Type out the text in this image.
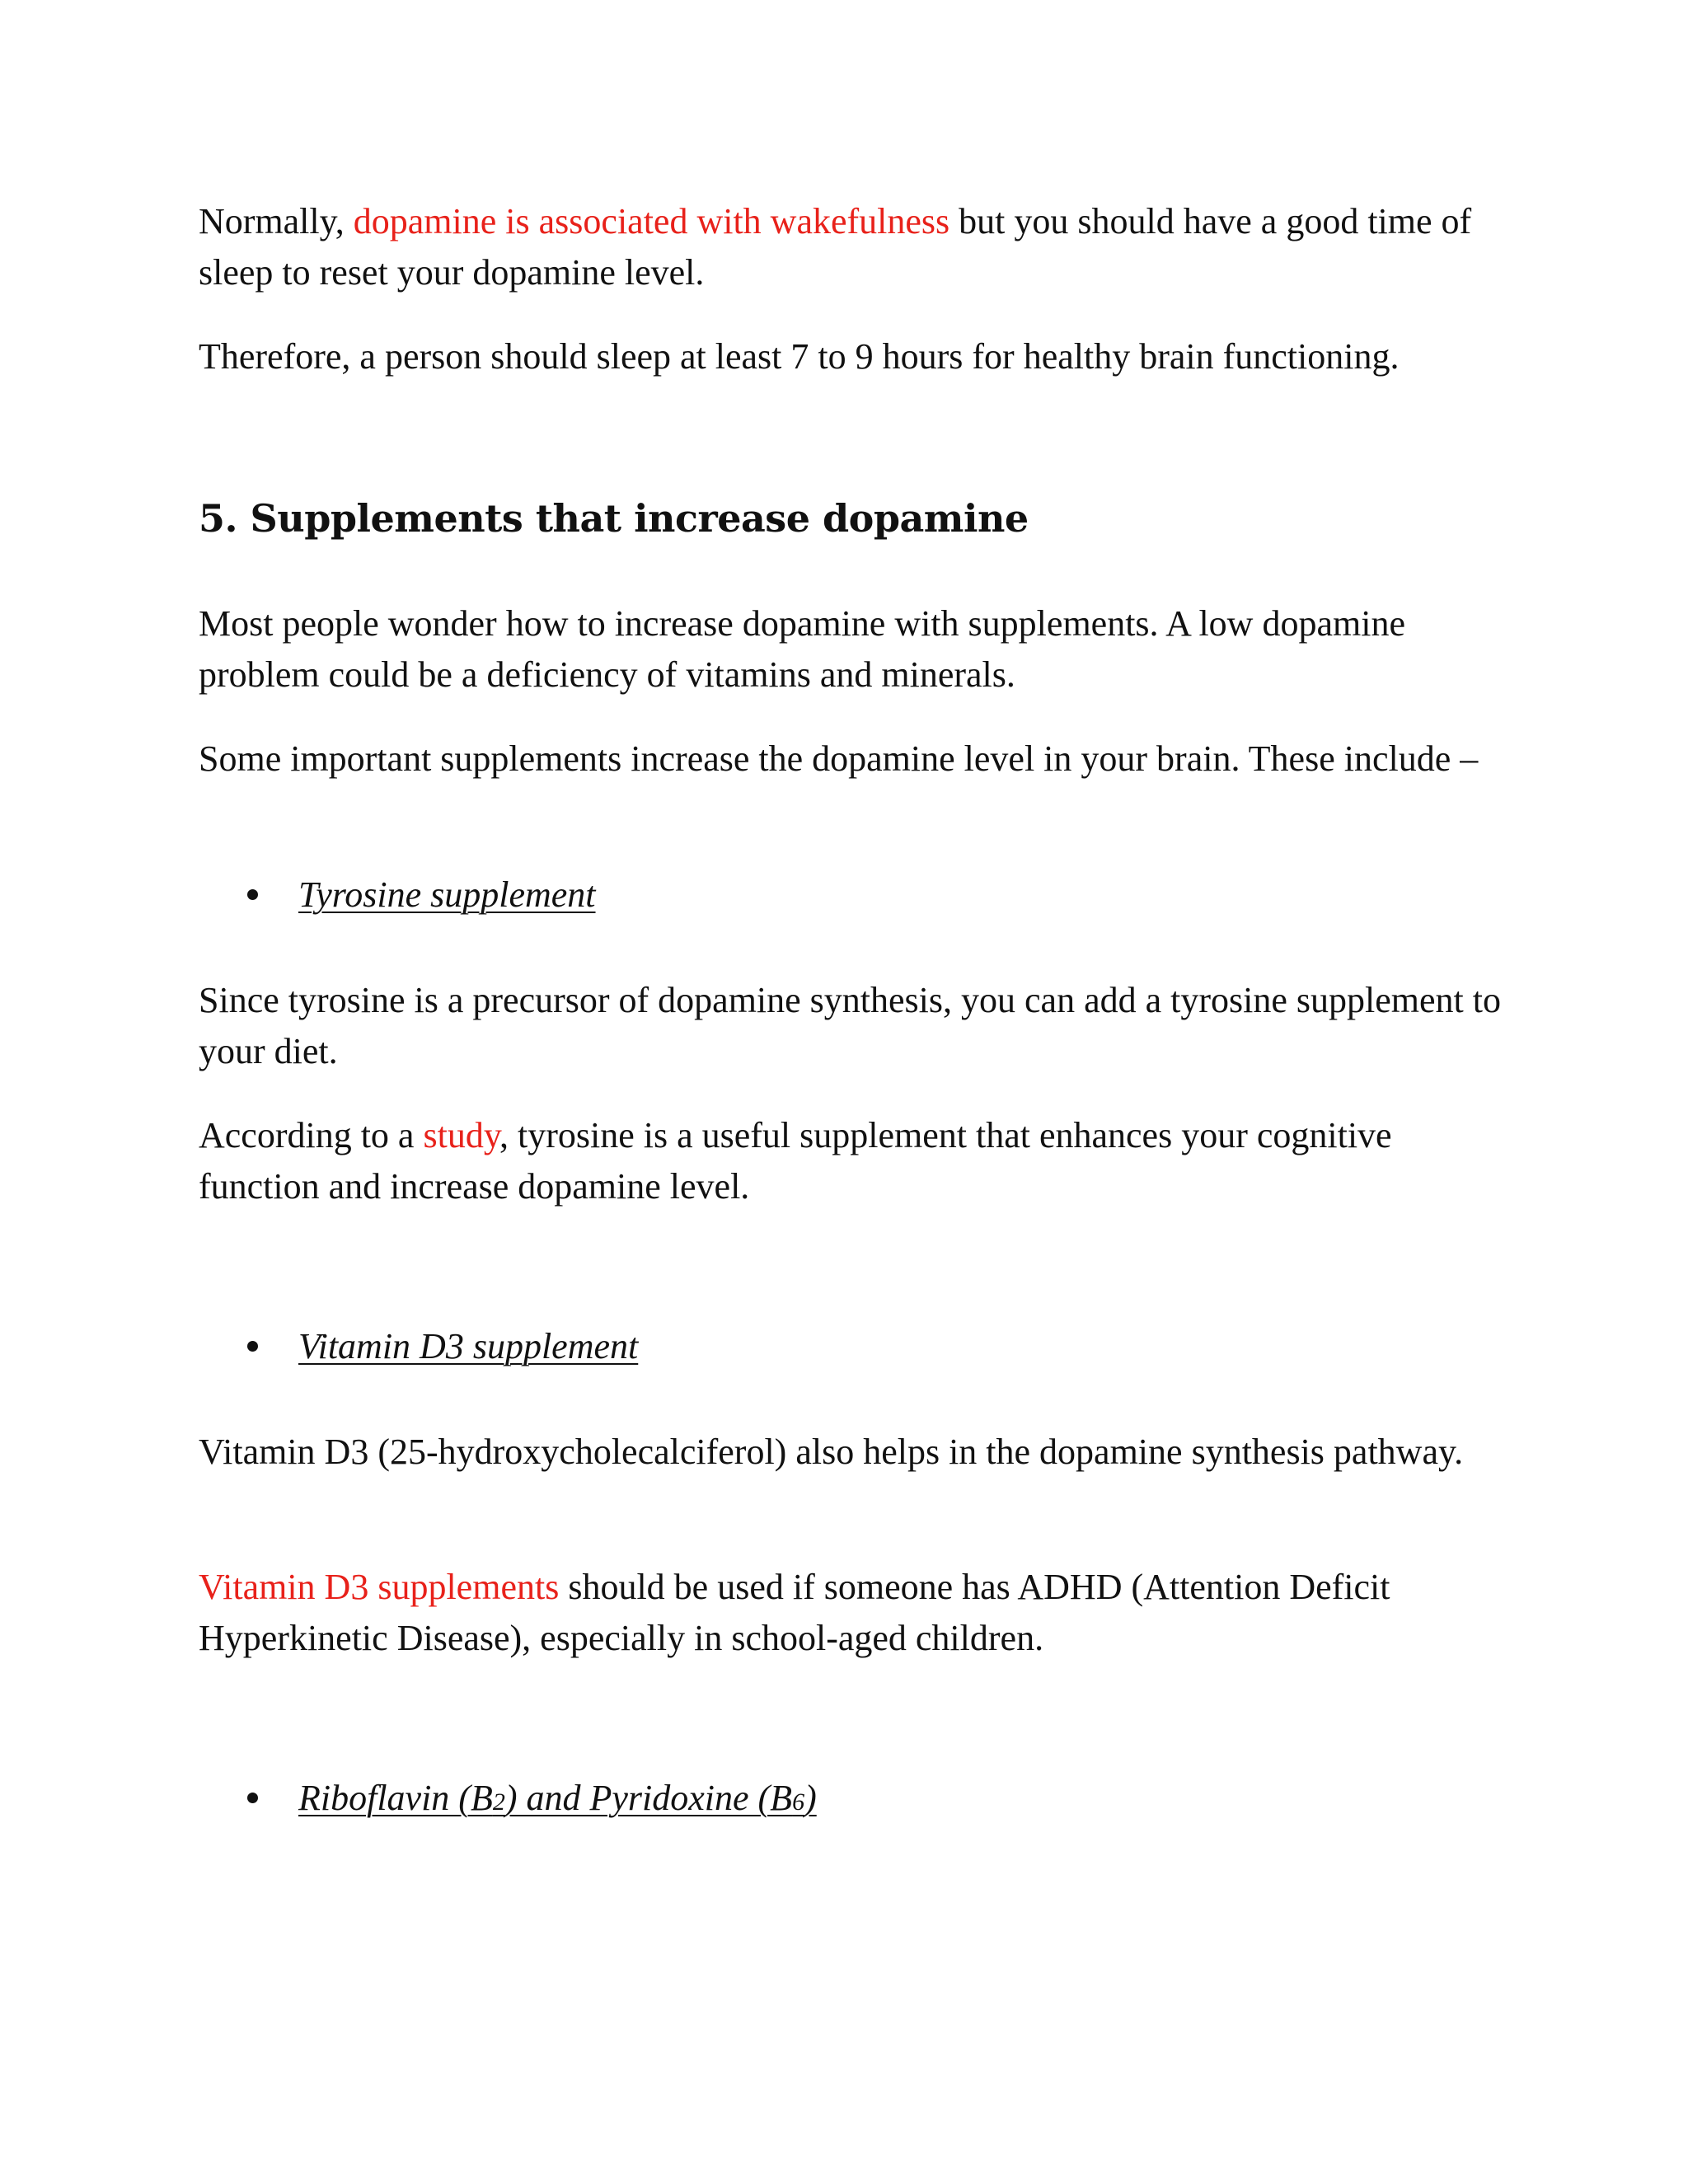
Normally, dopamine is associated with wakefulness but you should have a good time of sleep to reset your dopamine level.

Therefore, a person should sleep at least 7 to 9 hours for healthy brain functioning.

5. Supplements that increase dopamine

Most people wonder how to increase dopamine with supplements. A low dopamine problem could be a deficiency of vitamins and minerals.

Some important supplements increase the dopamine level in your brain. These include –

Tyrosine supplement

Since tyrosine is a precursor of dopamine synthesis, you can add a tyrosine supplement to your diet.

According to a study, tyrosine is a useful supplement that enhances your cognitive function and increase dopamine level.

Vitamin D3 supplement

Vitamin D3 (25-hydroxycholecalciferol) also helps in the dopamine synthesis pathway.

Vitamin D3 supplements should be used if someone has ADHD (Attention Deficit Hyperkinetic Disease), especially in school-aged children.

Riboflavin (B2) and Pyridoxine (B6)
